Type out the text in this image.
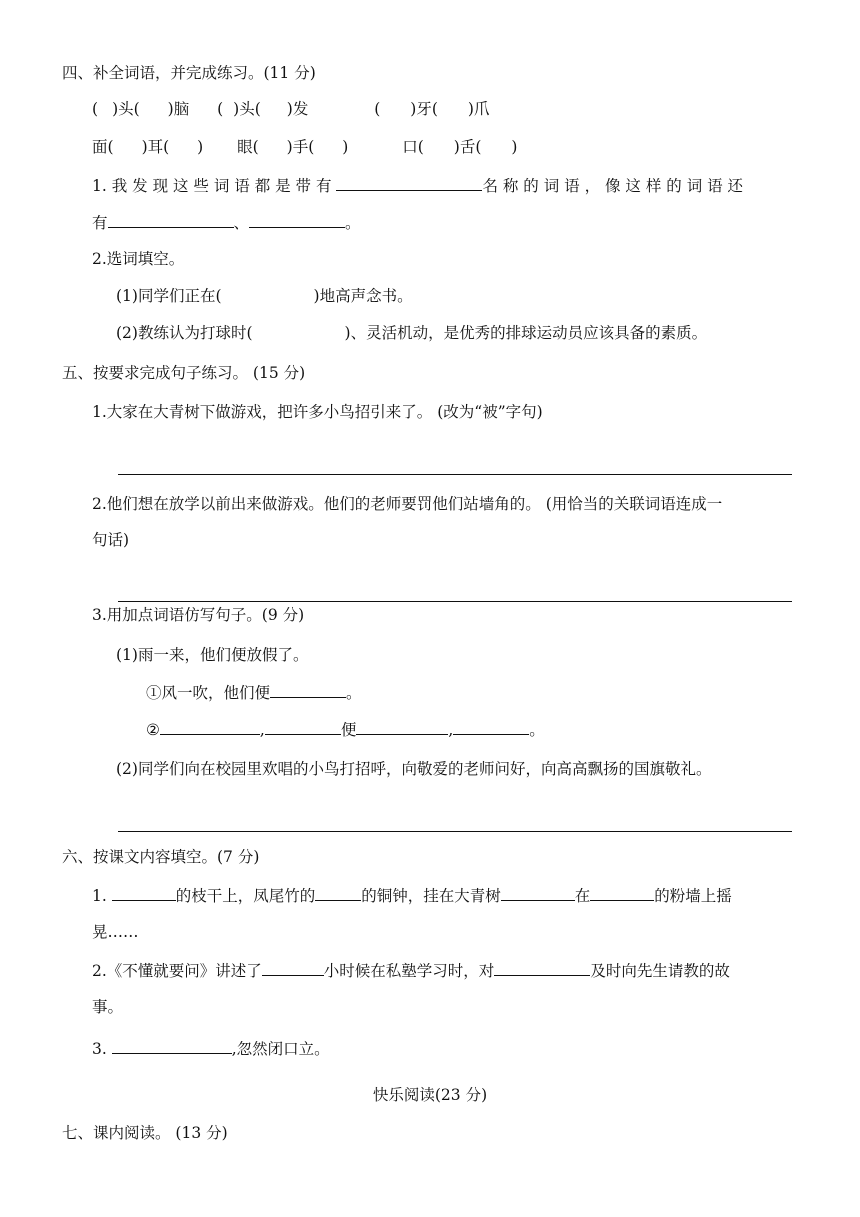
四、补全词语，并完成练习。(11 分)
( )头( )脑 ( )头( )发	( )牙( )爪
面( )耳( ) 眼( )手( )	口( )舌( )
1. 我 发 现 这 些 词 语 都 是 带 有	名 称 的 词 语 ， 像 这 样 的 词 语 还
有	、	。
2.选词填空。
(1)同学们正在(	)地高声念书。
(2)教练认为打球时(	)、灵活机动，是优秀的排球运动员应该具备的素质。
五、按要求完成句子练习。 (15 分)
1.大家在大青树下做游戏，把许多小鸟招引来了。 (改为“被”字句)
2.他们想在放学以前出来做游戏。他们的老师要罚他们站墙角的。 (用恰当的关联词语连成一
句话)
3.用加点词语仿写句子。(9 分)
(1)雨一来，他们便放假了。
①风一吹，他们便	。
②	,	便	,	。
(2)同学们向在校园里欢唱的小鸟打招呼，向敬爱的老师问好，向高高飘扬的国旗敬礼。
六、按课文内容填空。(7 分)
1.	的枝干上，凤尾竹的	的铜钟，挂在大青树	在	的粉墙上摇
晃……
2.《不懂就要问》讲述了	小时候在私塾学习时，对	及时向先生请教的故
事。
3.	,忽然闭口立。
快乐阅读(23 分)
七、课内阅读。 (13 分)
